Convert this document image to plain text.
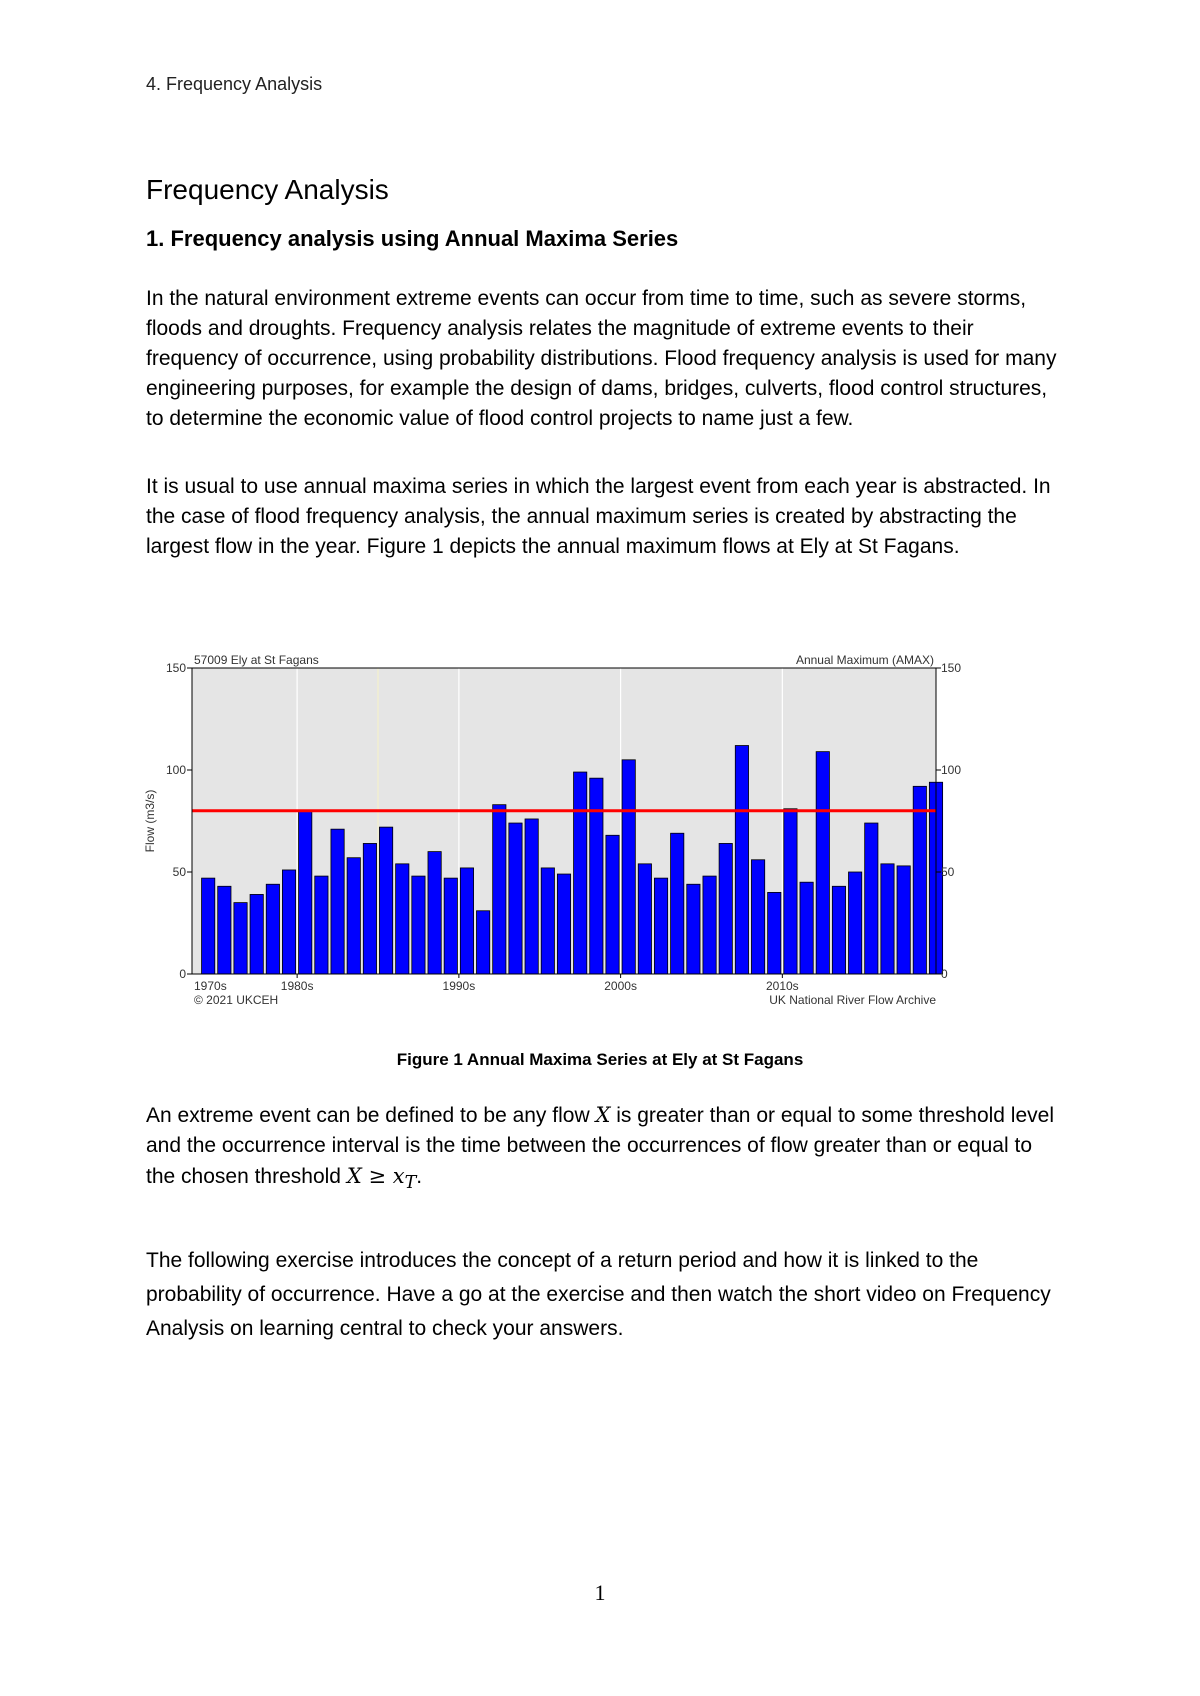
4. Frequency Analysis
Frequency Analysis
1. Frequency analysis using Annual Maxima Series

In the natural environment extreme events can occur from time to time, such as severe storms, floods and droughts. Frequency analysis relates the magnitude of extreme events to their frequency of occurrence, using probability distributions. Flood frequency analysis is used for many engineering purposes, for example the design of dams, bridges, culverts, flood control structures, to determine the economic value of flood control projects to name just a few.

It is usual to use annual maxima series in which the largest event from each year is abstracted. In the case of flood frequency analysis, the annual maximum series is created by abstracting the largest flow in the year. Figure 1 depicts the annual maximum flows at Ely at St Fagans.

0	0
50	50
100	100
150	150
1970s	1980s	1990s	2000s	2010s
57009 Ely at St Fagans	Annual Maximum (AMAX)
Flow (m3/s)
© 2021 UKCEH	UK National River Flow Archive
Figure 1 Annual Maxima Series at Ely at St Fagans

An extreme event can be defined to be any flow X is greater than or equal to some threshold level and the occurrence interval is the time between the occurrences of flow greater than or equal to the chosen threshold $X \ge x_T$.

The following exercise introduces the concept of a return period and how it is linked to the probability of occurrence. Have a go at the exercise and then watch the short video on Frequency Analysis on learning central to check your answers.

1
